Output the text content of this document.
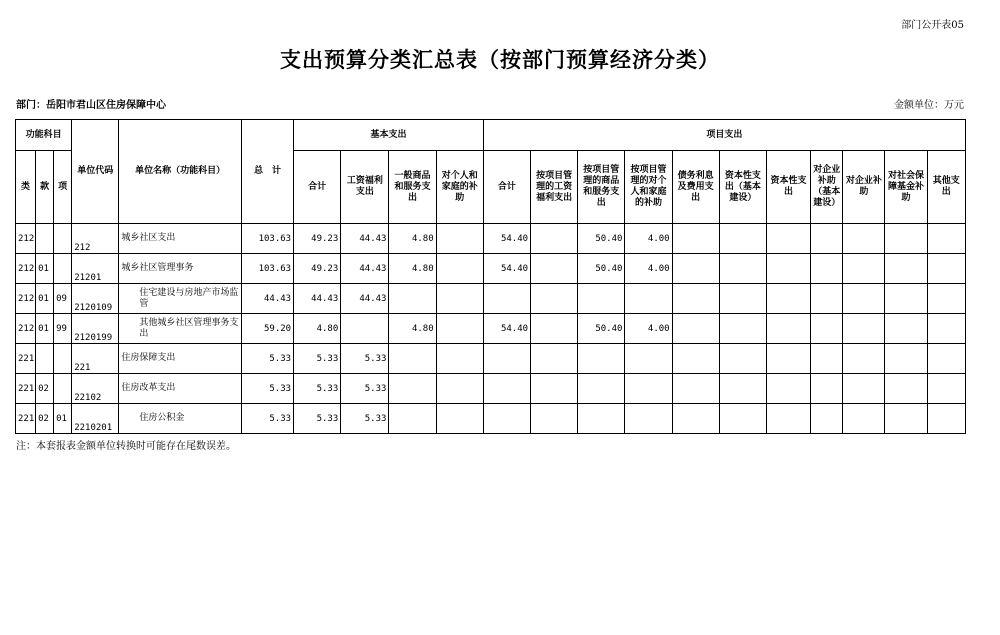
部门公开表05
支出预算分类汇总表（按部门预算经济分类）
部门：岳阳市君山区住房保障中心	金额单位：万元
功能科目			单位代码	单位名称（功能科目）	总　计	基本支出				项目支出										
类	款	项				合计	工资福利支出	一般商品和服务支出	对个人和家庭的补助	合计	按项目管理的工资福利支出	按项目管理的商品和服务支出	按项目管理的对个人和家庭的补助	债务利息及费用支出	资本性支出（基本建设）	资本性支出	对企业补助（基本建设）	对企业补助	对社会保障基金补助	其他支出
212			212	城乡社区支出	103.63	49.23	44.43	4.80		54.40		50.40	4.00							
212	01		21201	城乡社区管理事务	103.63	49.23	44.43	4.80		54.40		50.40	4.00							
212	01	09	2120109	住宅建设与房地产市场监管	44.43	44.43	44.43													
212	01	99	2120199	其他城乡社区管理事务支出	59.20	4.80		4.80		54.40		50.40	4.00							
221			221	住房保障支出	5.33	5.33	5.33													
221	02		22102	住房改革支出	5.33	5.33	5.33													
221	02	01	2210201	住房公积金	5.33	5.33	5.33													
注：本套报表金额单位转换时可能存在尾数误差。
